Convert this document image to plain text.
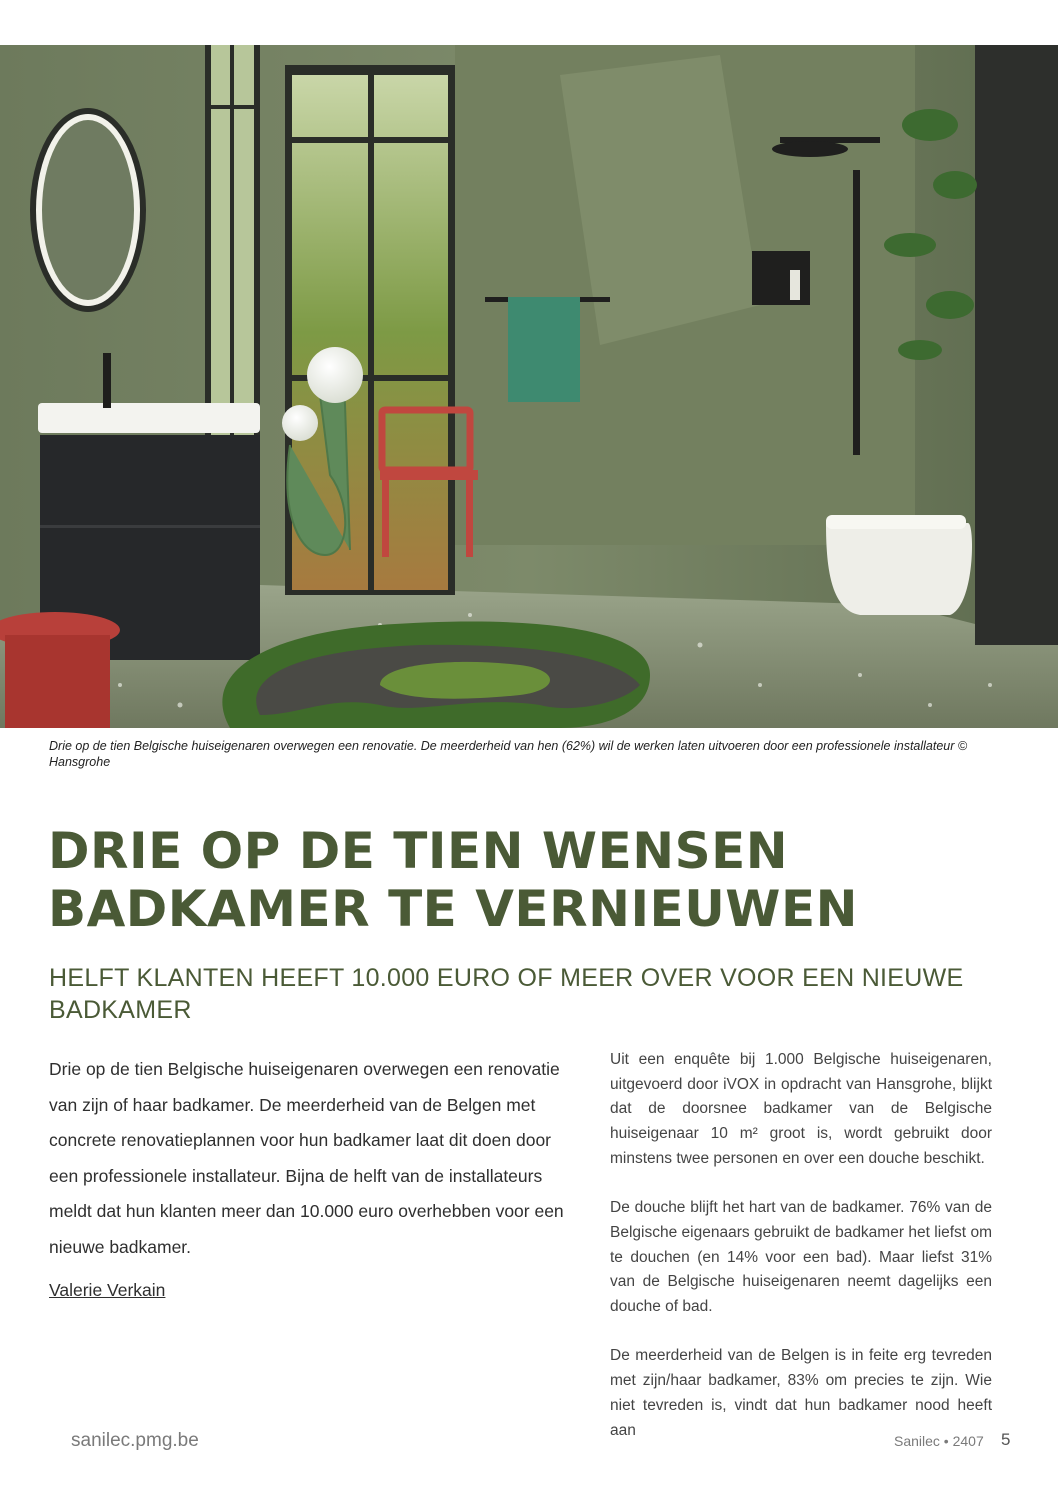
Drie op de tien Belgische huiseigenaren overwegen een renovatie. De meerderheid van hen (62%) wil de werken laten uitvoeren door een professionele installateur © Hansgrohe
DRIE OP DE TIEN WENSEN
BADKAMER TE VERNIEUWEN
HELFT KLANTEN HEEFT 10.000 EURO OF MEER OVER VOOR EEN NIEUWE BADKAMER

Drie op de tien Belgische huiseigenaren overwegen een renovatie van zijn of haar badkamer. De meerderheid van de Belgen met concrete renovatieplannen voor hun badkamer laat dit doen door een professionele installateur. Bijna de helft van de installateurs meldt dat hun klanten meer dan 10.000 euro overhebben voor een nieuwe badkamer.

Valerie Verkain

Uit een enquête bij 1.000 Belgische huiseigenaren, uitgevoerd door iVOX in opdracht van Hansgrohe, blijkt dat de doorsnee badkamer van de Belgische huiseigenaar 10 m² groot is, wordt gebruikt door minstens twee personen en over een douche beschikt.

De douche blijft het hart van de badkamer. 76% van de Belgische eigenaars gebruikt de badkamer het liefst om te douchen (en 14% voor een bad). Maar liefst 31% van de Belgische huiseigenaren neemt dagelijks een douche of bad.

De meerderheid van de Belgen is in feite erg tevreden met zijn/haar badkamer, 83% om precies te zijn. Wie niet tevreden is, vindt dat hun badkamer nood heeft aan

sanilec.pmg.be	Sanilec • 2407 5
